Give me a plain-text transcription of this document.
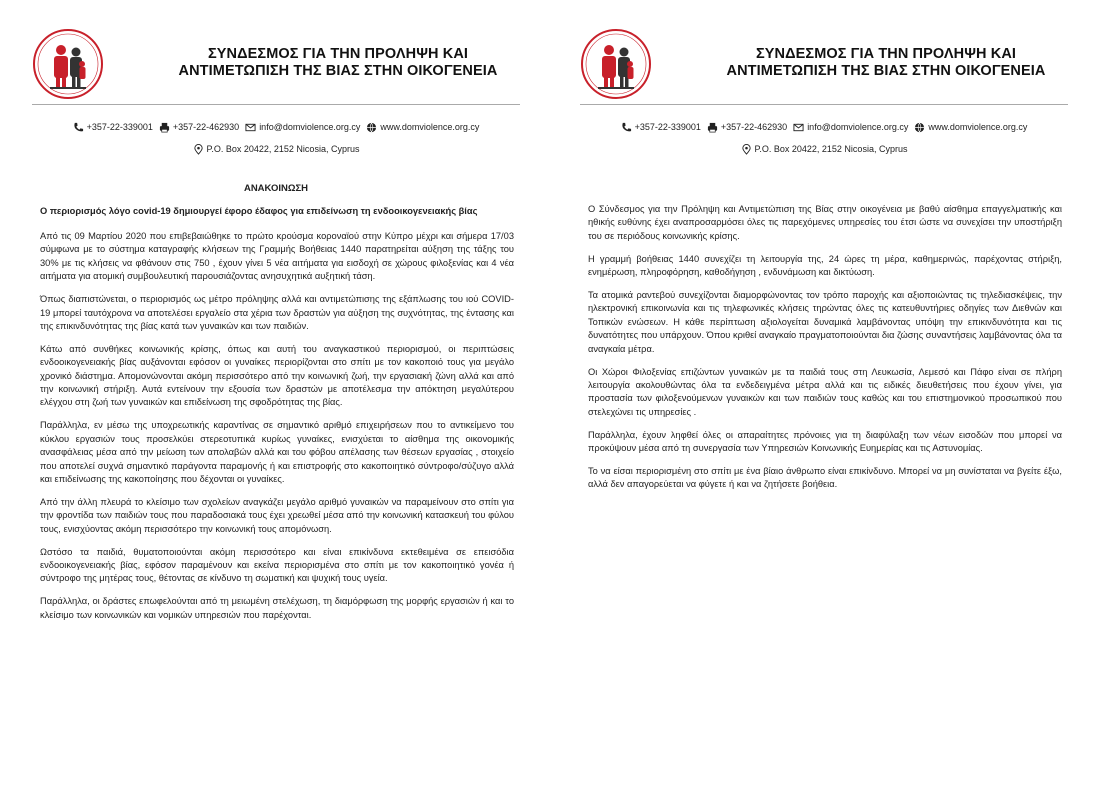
ΣΥΝΔΕΣΜΟΣ ΓΙΑ ΤΗΝ ΠΡΟΛΗΨΗ ΚΑΙ
ΑΝΤΙΜΕΤΩΠΙΣΗ ΤΗΣ ΒΙΑΣ ΣΤΗΝ ΟΙΚΟΓΕΝΕΙΑ
+357-22-339001 +357-22-462930 info@domviolence.org.cy www.domviolence.org.cy
P.O. Box 20422, 2152 Nicosia, Cyprus
ΑΝΑΚΟΙΝΩΣΗ
Ο περιορισμός λόγο covid-19 δημιουργεί έφορο έδαφος για επιδείνωση τη ενδοοικογενειακής βίας

Από τις 09 Μαρτίου 2020 που επιβεβαιώθηκε το πρώτο κρούσμα κοροναϊού στην Κύπρο μέχρι και σήμερα 17/03 σύμφωνα με το σύστημα καταγραφής κλήσεων της Γραμμής Βοήθειας 1440 παρατηρείται αύξηση της τάξης του 30% με τις κλήσεις να φθάνουν στις 750 , έχουν γίνει 5 νέα αιτήματα για εισδοχή σε χώρους φιλοξενίας και 4 νέα αιτήματα για ατομική συμβουλευτική παρουσιάζοντας ανησυχητικά αυξητική τάση.

Όπως διαπιστώνεται, ο περιορισμός ως μέτρο πρόληψης αλλά και αντιμετώπισης της εξάπλωσης του ιού COVID-19 μπορεί ταυτόχρονα να αποτελέσει εργαλείο στα χέρια των δραστών για αύξηση της συχνότητας, της έντασης και της επικινδυνότητας της βίας κατά των γυναικών και των παιδιών.

Κάτω από συνθήκες κοινωνικής κρίσης, όπως και αυτή του αναγκαστικού περιορισμού, οι περιπτώσεις ενδοοικογενειακής βίας αυξάνονται εφόσον οι γυναίκες περιορίζονται στο σπίτι με τον κακοποιό τους για μεγάλο χρονικό διάστημα. Απομονώνονται ακόμη περισσότερο από την κοινωνική ζωή, την εργασιακή ζώνη αλλά και από την κοινωνική στήριξη. Αυτά εντείνουν την εξουσία των δραστών με αποτέλεσμα την απόκτηση μεγαλύτερου ελέγχου στη ζωή των γυναικών και επιδείνωση της σφοδρότητας της βίας.

Παράλληλα, εν μέσω της υποχρεωτικής καραντίνας σε σημαντικό αριθμό επιχειρήσεων που το αντικείμενο του κύκλου εργασιών τους προσελκύει στερεοτυπικά κυρίως γυναίκες, ενισχύεται το αίσθημα της οικονομικής ανασφάλειας μέσα από την μείωση των απολαβών αλλά και του φόβου απέλασης των θέσεων εργασίας , στοιχείο που αποτελεί συχνά σημαντικό παράγοντα παραμονής ή και επιστροφής στο κακοποιητικό σύντροφο/σύζυγο αλλά και επιδείνωσης της κακοποίησης που δέχονται οι γυναίκες.

Από την άλλη πλευρά το κλείσιμο των σχολείων αναγκάζει μεγάλο αριθμό γυναικών να παραμείνουν στο σπίτι για την φροντίδα των παιδιών τους που παραδοσιακά τους έχει χρεωθεί μέσα από την κοινωνική κατασκευή του φύλου τους, ενισχύοντας ακόμη περισσότερο την κοινωνική τους απομόνωση.

Ωστόσο τα παιδιά, θυματοποιούνται ακόμη περισσότερο και είναι επικίνδυνα εκτεθειμένα σε επεισόδια ενδοοικογενειακής βίας, εφόσον παραμένουν και εκείνα περιορισμένα στο σπίτι με τον κακοποιητικό γονέα ή σύντροφο της μητέρας τους, θέτοντας σε κίνδυνο τη σωματική και ψυχική τους υγεία.

Παράλληλα, οι δράστες επωφελούνται από τη μειωμένη στελέχωση, τη διαμόρφωση της μορφής εργασιών ή και το κλείσιμο των κοινωνικών και νομικών υπηρεσιών που παρέχονται.

ΣΥΝΔΕΣΜΟΣ ΓΙΑ ΤΗΝ ΠΡΟΛΗΨΗ ΚΑΙ
ΑΝΤΙΜΕΤΩΠΙΣΗ ΤΗΣ ΒΙΑΣ ΣΤΗΝ ΟΙΚΟΓΕΝΕΙΑ
+357-22-339001 +357-22-462930 info@domviolence.org.cy www.domviolence.org.cy
P.O. Box 20422, 2152 Nicosia, Cyprus

Ο Σύνδεσμος για την Πρόληψη και Αντιμετώπιση της Βίας στην οικογένεια με βαθύ αίσθημα επαγγελματικής και ηθικής ευθύνης έχει αναπροσαρμόσει όλες τις παρεχόμενες υπηρεσίες του έτσι ώστε να συνεχίσει την υποστήριξη του σε περιόδους κοινωνικής κρίσης.

Η γραμμή βοήθειας 1440 συνεχίζει τη λειτουργία της, 24 ώρες τη μέρα, καθημερινώς, παρέχοντας στήριξη, ενημέρωση, πληροφόρηση, καθοδήγηση , ενδυνάμωση και δικτύωση.

Τα ατομικά ραντεβού συνεχίζονται διαμορφώνοντας τον τρόπο παροχής και αξιοποιώντας τις τηλεδιασκέψεις, την ηλεκτρονική επικοινωνία και τις τηλεφωνικές κλήσεις τηρώντας όλες τις κατευθυντήριες οδηγίες των Διεθνών και Τοπικών ενώσεων. Η κάθε περίπτωση αξιολογείται δυναμικά λαμβάνοντας υπόψη την επικινδυνότητα και τις δυνατότητες που υπάρχουν. Όπου κριθεί αναγκαίο πραγματοποιούνται δια ζώσης συναντήσεις λαμβάνοντας όλα τα αναγκαία μέτρα.

Οι Χώροι Φιλοξενίας επιζώντων γυναικών με τα παιδιά τους στη Λευκωσία, Λεμεσό και Πάφο είναι σε πλήρη λειτουργία ακολουθώντας όλα τα ενδεδειγμένα μέτρα αλλά και τις ειδικές διευθετήσεις που έχουν γίνει, για προστασία των φιλοξενούμενων γυναικών και των παιδιών τους καθώς και του επιστημονικού προσωπικού που στελεχώνει τις υπηρεσίες .

Παράλληλα, έχουν ληφθεί όλες οι απαραίτητες πρόνοιες για τη διαφύλαξη των νέων εισοδών που μπορεί να προκύψουν μέσα από τη συνεργασία των Υπηρεσιών Κοινωνικής Ευημερίας και τις Αστυνομίας.

Το να είσαι περιορισμένη στο σπίτι με ένα βίαιο άνθρωπο είναι επικίνδυνο. Μπορεί να μη συνίσταται να βγείτε έξω, αλλά δεν απαγορεύεται να φύγετε ή και να ζητήσετε βοήθεια.
